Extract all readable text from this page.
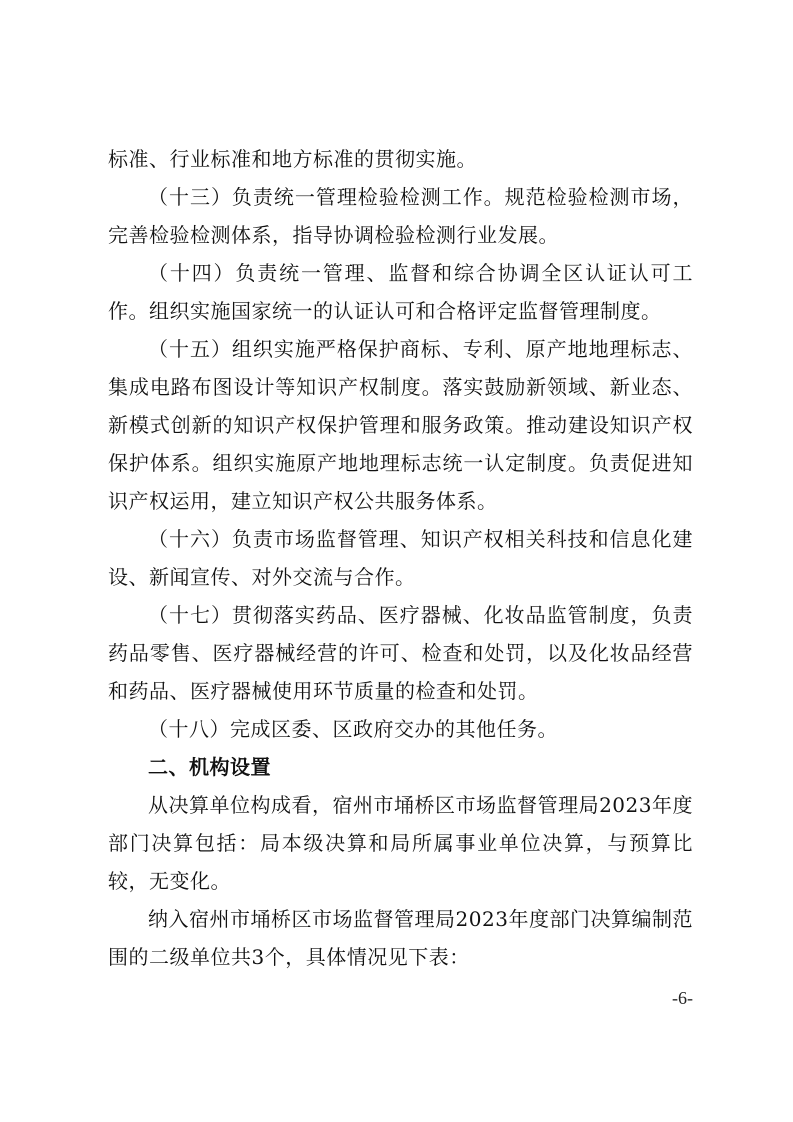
标准、行业标准和地方标准的贯彻实施。

（十三）负责统一管理检验检测工作。规范检验检测市场，完善检验检测体系，指导协调检验检测行业发展。

（十四）负责统一管理、监督和综合协调全区认证认可工作。组织实施国家统一的认证认可和合格评定监督管理制度。

（十五）组织实施严格保护商标、专利、原产地地理标志、集成电路布图设计等知识产权制度。落实鼓励新领域、新业态、新模式创新的知识产权保护管理和服务政策。推动建设知识产权保护体系。组织实施原产地地理标志统一认定制度。负责促进知识产权运用，建立知识产权公共服务体系。

（十六）负责市场监督管理、知识产权相关科技和信息化建设、新闻宣传、对外交流与合作。

（十七）贯彻落实药品、医疗器械、化妆品监管制度，负责药品零售、医疗器械经营的许可、检查和处罚，以及化妆品经营和药品、医疗器械使用环节质量的检查和处罚。

（十八）完成区委、区政府交办的其他任务。

二、机构设置

从决算单位构成看，宿州市埇桥区市场监督管理局2023年度部门决算包括：局本级决算和局所属事业单位决算，与预算比较，无变化。

纳入宿州市埇桥区市场监督管理局2023年度部门决算编制范围的二级单位共3个，具体情况见下表：

-6-
